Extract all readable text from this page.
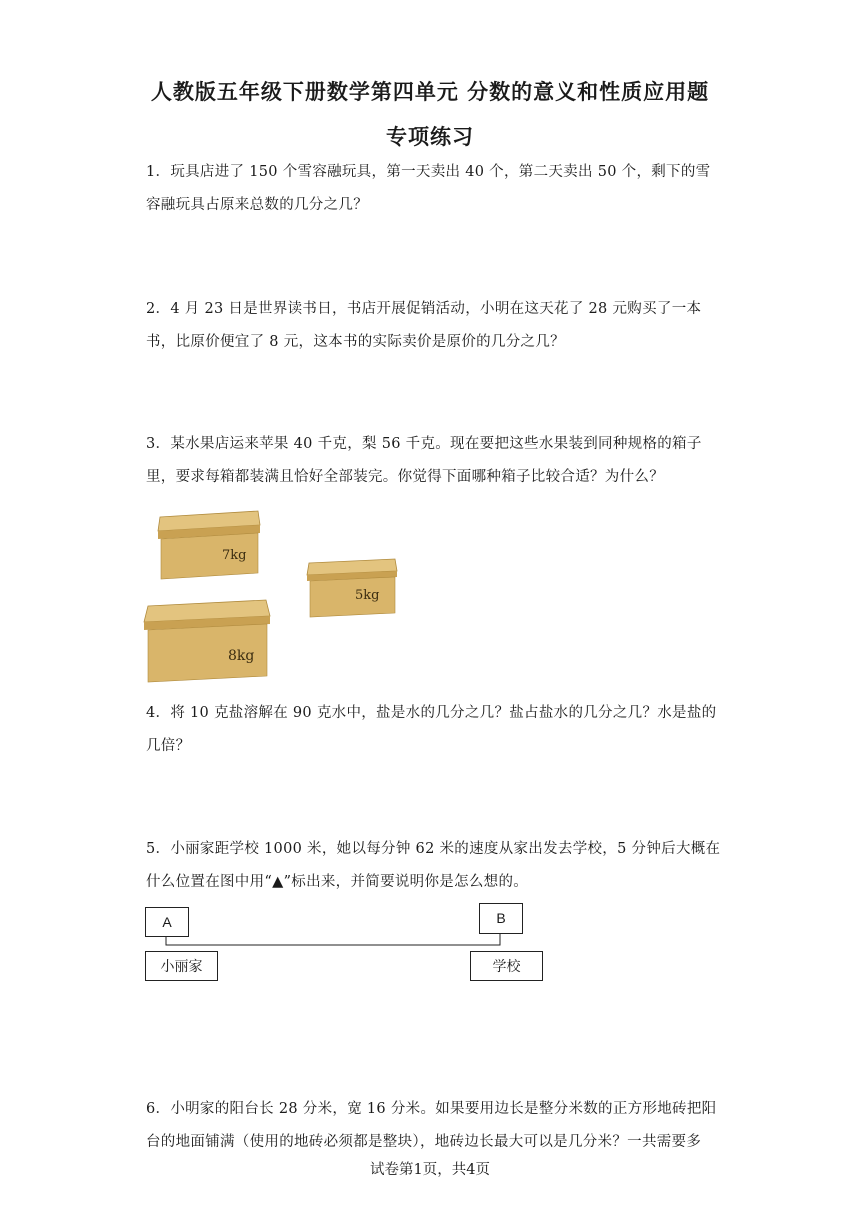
人教版五年级下册数学第四单元 分数的意义和性质应用题
专项练习
1．玩具店进了 150 个雪容融玩具，第一天卖出 40 个，第二天卖出 50 个，剩下的雪容融玩具占原来总数的几分之几？
2．4 月 23 日是世界读书日，书店开展促销活动，小明在这天花了 28 元购买了一本书，比原价便宜了 8 元，这本书的实际卖价是原价的几分之几？
3．某水果店运来苹果 40 千克，梨 56 千克。现在要把这些水果装到同种规格的箱子里，要求每箱都装满且恰好全部装完。你觉得下面哪种箱子比较合适？为什么？
7kg
5kg
8kg
4．将 10 克盐溶解在 90 克水中，盐是水的几分之几？盐占盐水的几分之几？水是盐的几倍？
5．小丽家距学校 1000 米，她以每分钟 62 米的速度从家出发去学校，5 分钟后大概在什么位置在图中用“▲”标出来，并简要说明你是怎么想的。
A	B
小丽家	学校
6．小明家的阳台长 28 分米，宽 16 分米。如果要用边长是整分米数的正方形地砖把阳台的地面铺满（使用的地砖必须都是整块），地砖边长最大可以是几分米？一共需要多
试卷第1页，共4页
